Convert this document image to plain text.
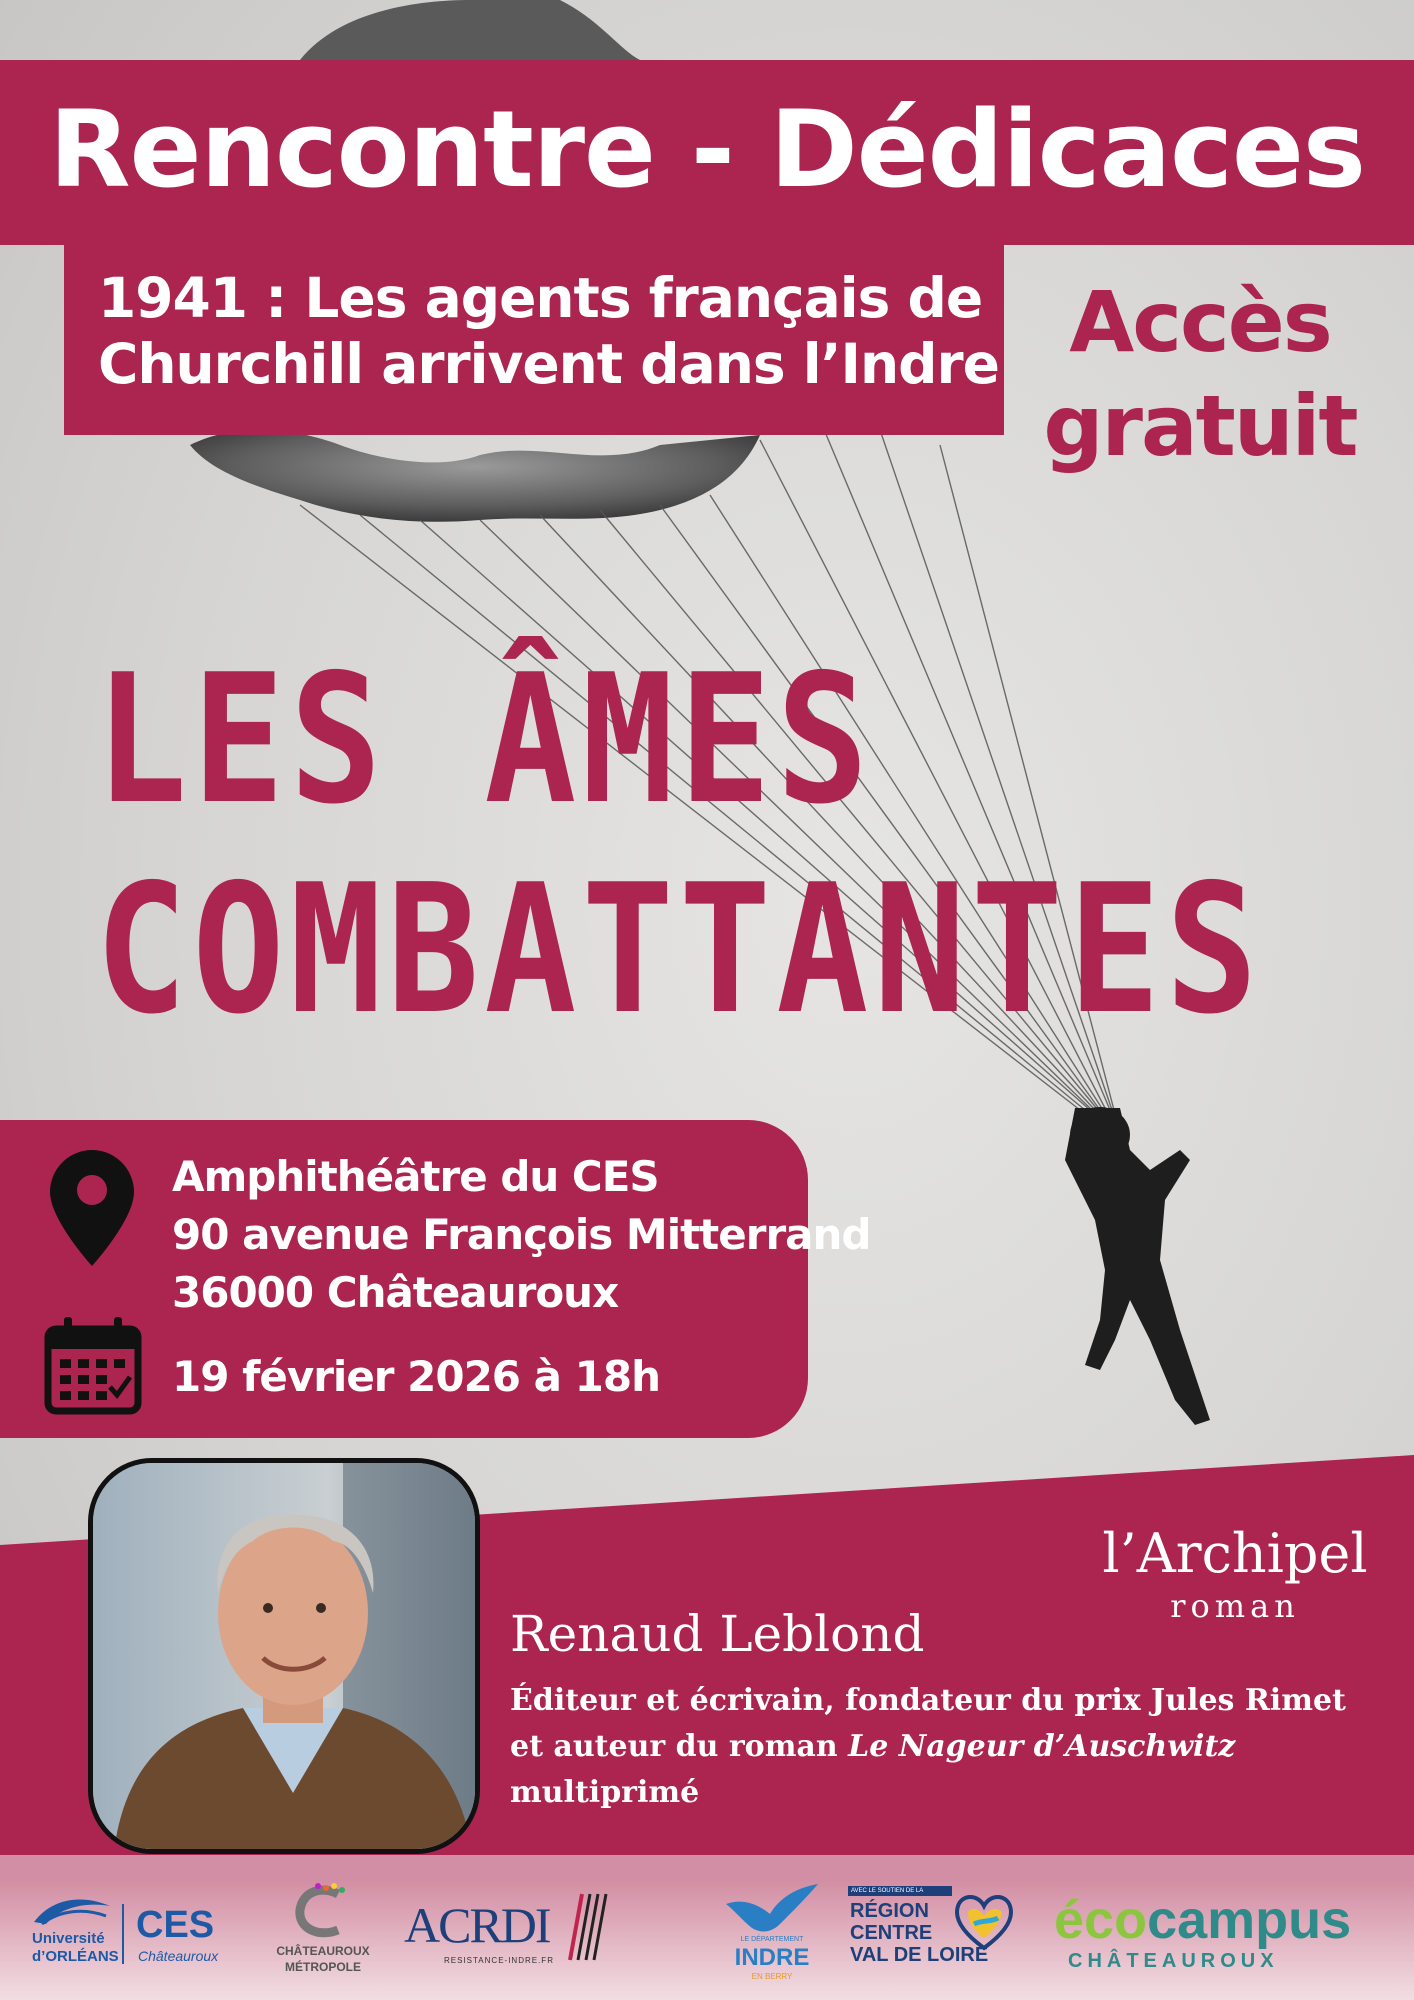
Rencontre - Dédicaces
1941 : Les agents français de
Churchill arrivent dans l’Indre Accès
gratuit
LES ÂMES
COMBATTANTES
Amphithéâtre du CES
90 avenue François Mitterrand
36000 Châteauroux
19 février 2026 à 18h
l’Archipel
roman
Renaud Leblond
Éditeur et écrivain, fondateur du prix Jules Rimet et auteur du roman Le Nageur d’Auschwitz multiprimé
Université
d’ORLÉANS
CES
Châteauroux	CHÂTEAUROUX
MÉTROPOLE
ACRDI
RESISTANCE-INDRE.FR
LE DÉPARTEMENT
INDRE
EN BERRY
AVEC LE SOUTIEN DE LA
RÉGION
CENTRE
VAL DE LOIRE
écocampus
CHÂTEAUROUX
